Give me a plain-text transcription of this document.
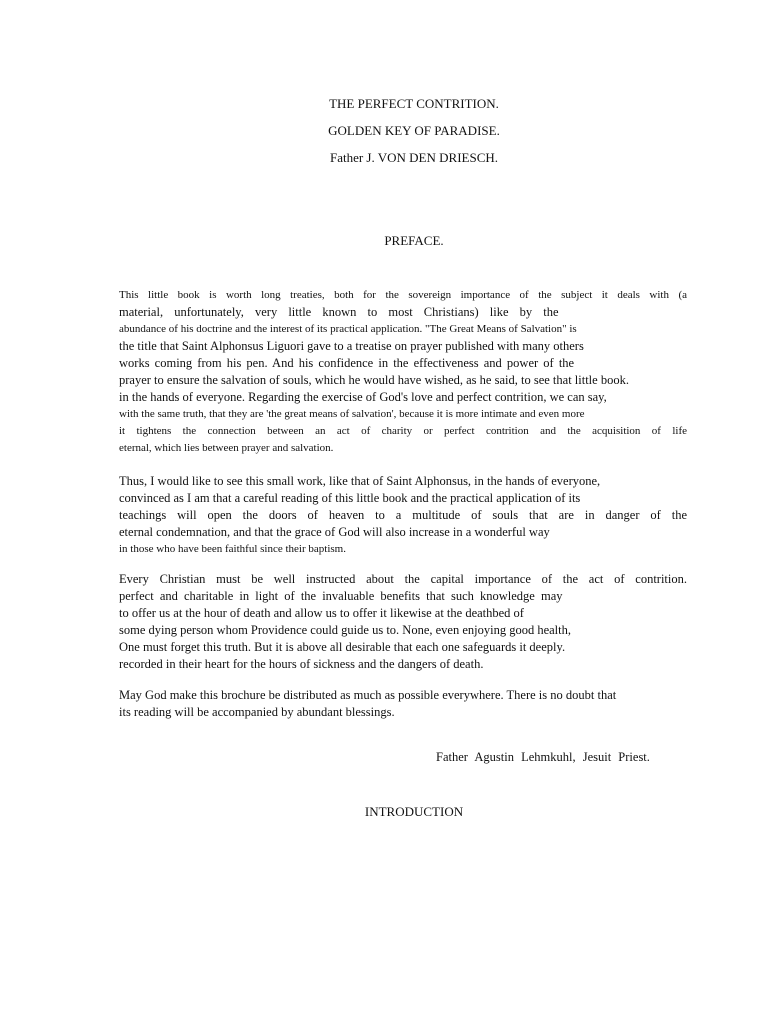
THE PERFECT CONTRITION.
GOLDEN KEY OF PARADISE.
Father J. VON DEN DRIESCH.
PREFACE.
This little book is worth long treaties, both for the sovereign importance of the subject it deals with (a
material, unfortunately, very little known to most Christians) like by the
abundance of his doctrine and the interest of its practical application. "The Great Means of Salvation" is
the title that Saint Alphonsus Liguori gave to a treatise on prayer published with many others
works coming from his pen. And his confidence in the effectiveness and power of the
prayer to ensure the salvation of souls, which he would have wished, as he said, to see that little book.
in the hands of everyone. Regarding the exercise of God's love and perfect contrition, we can say,
with the same truth, that they are 'the great means of salvation', because it is more intimate and even more
it tightens the connection between an act of charity or perfect contrition and the acquisition of life
eternal, which lies between prayer and salvation.
Thus, I would like to see this small work, like that of Saint Alphonsus, in the hands of everyone,
convinced as I am that a careful reading of this little book and the practical application of its
teachings will open the doors of heaven to a multitude of souls that are in danger of the
eternal condemnation, and that the grace of God will also increase in a wonderful way
in those who have been faithful since their baptism.
Every Christian must be well instructed about the capital importance of the act of contrition.
perfect and charitable in light of the invaluable benefits that such knowledge may
to offer us at the hour of death and allow us to offer it likewise at the deathbed of
some dying person whom Providence could guide us to. None, even enjoying good health,
One must forget this truth. But it is above all desirable that each one safeguards it deeply.
recorded in their heart for the hours of sickness and the dangers of death.
May God make this brochure be distributed as much as possible everywhere. There is no doubt that
its reading will be accompanied by abundant blessings.
Father Agustin Lehmkuhl, Jesuit Priest.
INTRODUCTION
